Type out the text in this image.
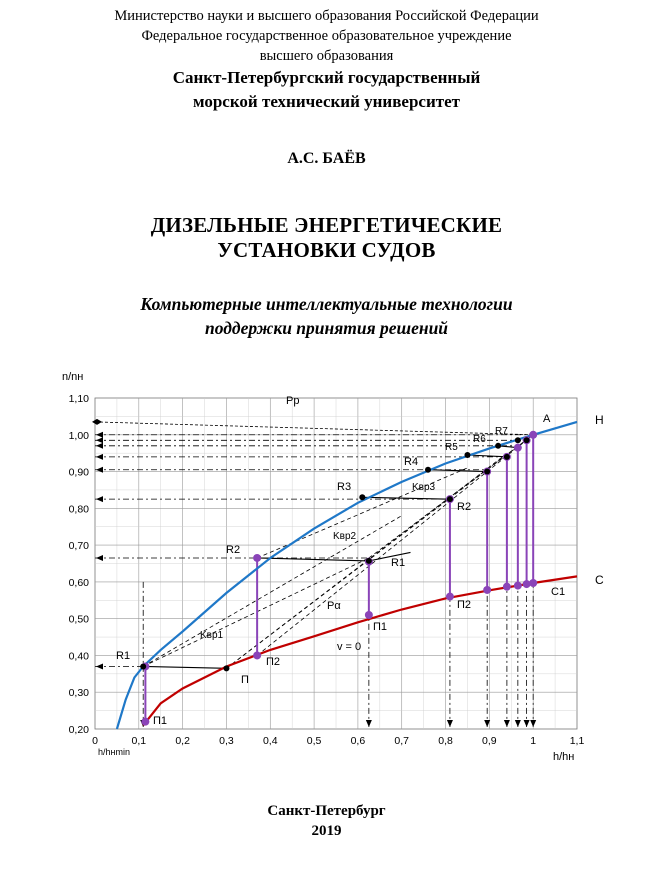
Министерство науки и высшего образования Российской Федерации
Федеральное государственное образовательное учреждение
высшего образования
Санкт-Петербургский государственный
морской технический университет
А.С. БАЁВ
ДИЗЕЛЬНЫЕ ЭНЕРГЕТИЧЕСКИЕ
УСТАНОВКИ СУДОВ
Компьютерные интеллектуальные технологии
поддержки принятия решений
0	0,1	0,2	0,3	0,4	0,5	0,6	0,7	0,8	0,9	1	1,1
0,20
0,30
0,40
0,50
0,60
0,70
0,80
0,90
1,00
1,10
n/nн
h/hн
h/hнmin
H
C
C1
A
Pр
Pα
v = 0
П
R1
R2
R3
R4
R5
R6
R7
R1
R2
П1
П2
П1
П2
Kвр1
Kвр2
Kвр3
Санкт-Петербург
2019
